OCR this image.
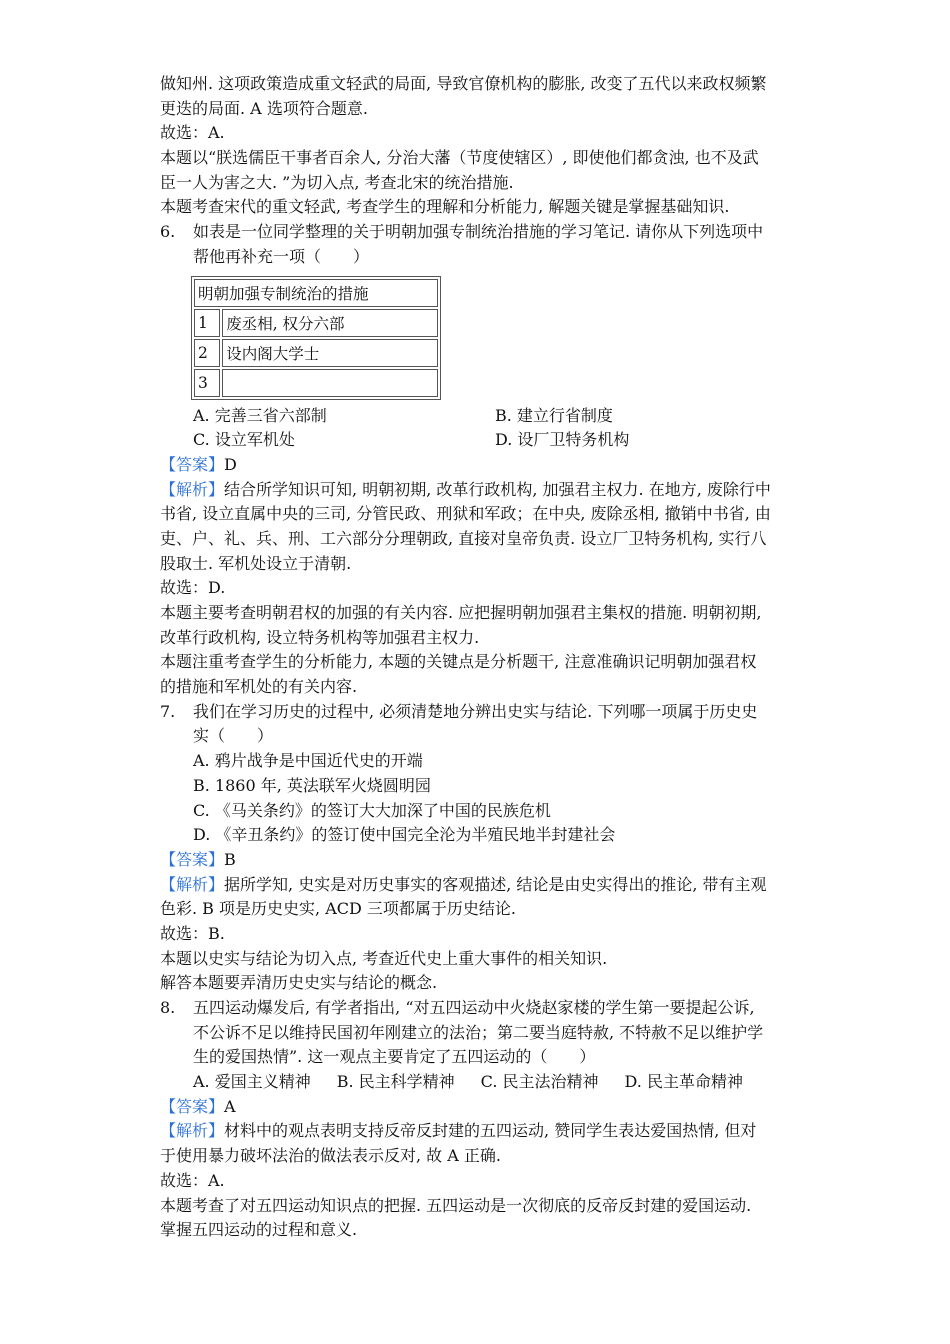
做知州. 这项政策造成重文轻武的局面, 导致官僚机构的膨胀, 改变了五代以来政权频繁
更迭的局面. A 选项符合题意.
故选：A.
本题以“朕选儒臣干事者百余人, 分治大藩（节度使辖区）, 即使他们都贪浊, 也不及武
臣一人为害之大. ”为切入点, 考查北宋的统治措施.
本题考查宋代的重文轻武, 考查学生的理解和分析能力, 解题关键是掌握基础知识.
6.	如表是一位同学整理的关于明朝加强专制统治措施的学习笔记. 请你从下列选项中
帮他再补充一项（　　）
明朝加强专制统治的措施	
1	废丞相, 权分六部
2	设内阁大学士
3	
A. 完善三省六部制	B. 建立行省制度
C. 设立军机处	D. 设厂卫特务机构
【答案】D
【解析】结合所学知识可知, 明朝初期, 改革行政机构, 加强君主权力. 在地方, 废除行中
书省, 设立直属中央的三司, 分管民政、刑狱和军政；在中央, 废除丞相, 撤销中书省, 由
吏、户、礼、兵、刑、工六部分分理朝政, 直接对皇帝负责. 设立厂卫特务机构, 实行八
股取士. 军机处设立于清朝.
故选：D.
本题主要考查明朝君权的加强的有关内容. 应把握明朝加强君主集权的措施. 明朝初期,
改革行政机构, 设立特务机构等加强君主权力.
本题注重考查学生的分析能力, 本题的关键点是分析题干, 注意准确识记明朝加强君权
的措施和军机处的有关内容.
7.	我们在学习历史的过程中, 必须清楚地分辨出史实与结论. 下列哪一项属于历史史
实（　　）
A. 鸦片战争是中国近代史的开端
B. 1860 年, 英法联军火烧圆明园
C. 《马关条约》的签订大大加深了中国的民族危机
D. 《辛丑条约》的签订使中国完全沦为半殖民地半封建社会
【答案】B
【解析】据所学知, 史实是对历史事实的客观描述, 结论是由史实得出的推论, 带有主观
色彩. B 项是历史史实, ACD 三项都属于历史结论.
故选：B.
本题以史实与结论为切入点, 考查近代史上重大事件的相关知识.
解答本题要弄清历史史实与结论的概念.
8.	五四运动爆发后, 有学者指出, “对五四运动中火烧赵家楼的学生第一要提起公诉,
不公诉不足以维持民国初年刚建立的法治；第二要当庭特赦, 不特赦不足以维护学
生的爱国热情”. 这一观点主要肯定了五四运动的（　　）
A. 爱国主义精神 B. 民主科学精神 C. 民主法治精神 D. 民主革命精神
【答案】A
【解析】材料中的观点表明支持反帝反封建的五四运动, 赞同学生表达爱国热情, 但对
于使用暴力破坏法治的做法表示反对, 故 A 正确.
故选：A.
本题考查了对五四运动知识点的把握. 五四运动是一次彻底的反帝反封建的爱国运动.
掌握五四运动的过程和意义.
